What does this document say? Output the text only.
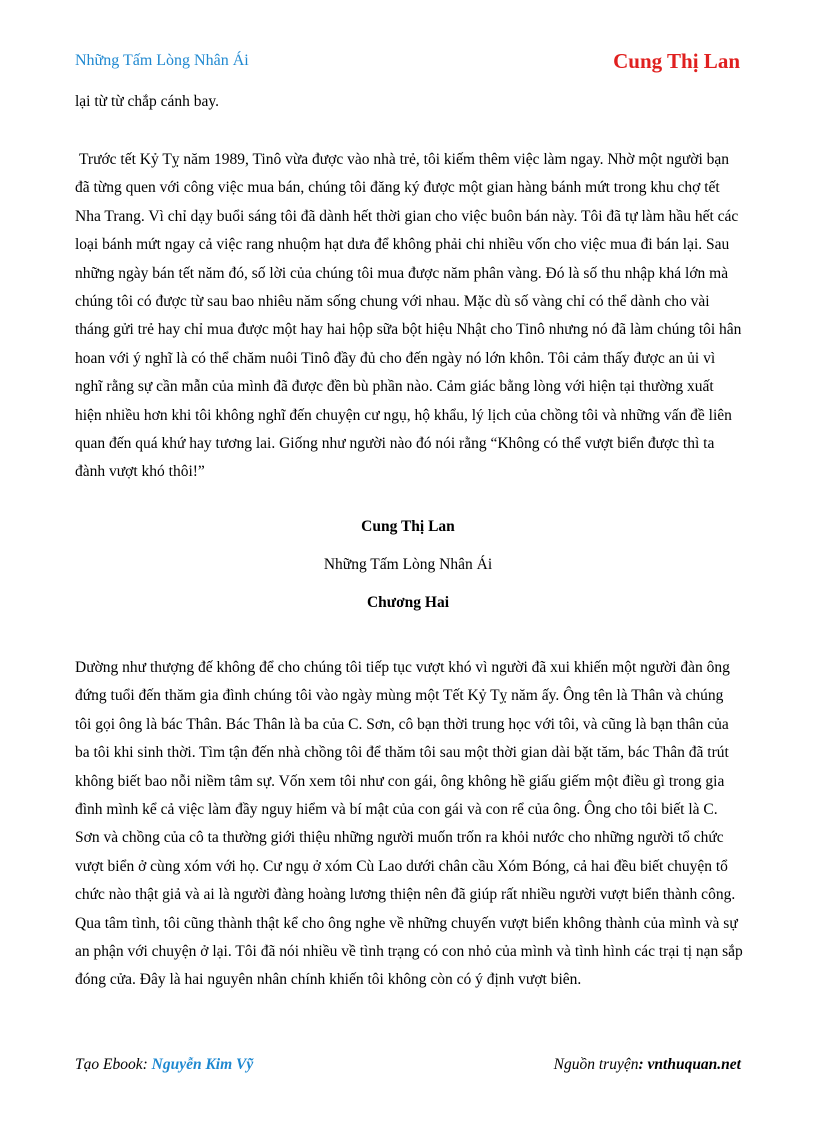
Những Tấm Lòng Nhân Ái	Cung Thị Lan

lại từ từ chắp cánh bay.

Trước tết Kỷ Tỵ năm 1989, Tinô vừa được vào nhà trẻ, tôi kiếm thêm việc làm ngay. Nhờ một người bạn đã từng quen với công việc mua bán, chúng tôi đăng ký được một gian hàng bánh mứt trong khu chợ tết Nha Trang. Vì chỉ dạy buổi sáng tôi đã dành hết thời gian cho việc buôn bán này. Tôi đã tự làm hầu hết các loại bánh mứt ngay cả việc rang nhuộm hạt dưa để không phải chi nhiều vốn cho việc mua đi bán lại. Sau những ngày bán tết năm đó, số lời của chúng tôi mua được năm phân vàng. Đó là số thu nhập khá lớn mà chúng tôi có được từ sau bao nhiêu năm sống chung với nhau. Mặc dù số vàng chỉ có thể dành cho vài tháng gửi trẻ hay chỉ mua được một hay hai hộp sữa bột hiệu Nhật cho Tinô nhưng nó đã làm chúng tôi hân hoan với ý nghĩ là có thể chăm nuôi Tinô đầy đủ cho đến ngày nó lớn khôn. Tôi cảm thấy được an ủi vì nghĩ rằng sự cần mẫn của mình đã được đền bù phần nào. Cảm giác bằng lòng với hiện tại thường xuất hiện nhiều hơn khi tôi không nghĩ đến chuyện cư ngụ, hộ khẩu, lý lịch của chồng tôi và những vấn đề liên quan đến quá khứ hay tương lai. Giống như người nào đó nói rằng “Không có thể vượt biển được thì ta đành vượt khó thôi!”

Cung Thị Lan
Những Tấm Lòng Nhân Ái
Chương Hai

Dường như thượng đế không để cho chúng tôi tiếp tục vượt khó vì người đã xui khiến một người đàn ông đứng tuổi đến thăm gia đình chúng tôi vào ngày mùng một Tết Kỷ Tỵ năm ấy. Ông tên là Thân và chúng tôi gọi ông là bác Thân. Bác Thân là ba của C. Sơn, cô bạn thời trung học với tôi, và cũng là bạn thân của ba tôi khi sinh thời. Tìm tận đến nhà chồng tôi để thăm tôi sau một thời gian dài bặt tăm, bác Thân đã trút không biết bao nỗi niềm tâm sự. Vốn xem tôi như con gái, ông không hề giấu giếm một điều gì trong gia đình mình kể cả việc làm đầy nguy hiểm và bí mật của con gái và con rể của ông. Ông cho tôi biết là C. Sơn và chồng của cô ta thường giới thiệu những người muốn trốn ra khỏi nước cho những người tổ chức vượt biển ở cùng xóm với họ. Cư ngụ ở xóm Cù Lao dưới chân cầu Xóm Bóng, cả hai đều biết chuyện tổ chức nào thật giả và ai là người đàng hoàng lương thiện nên đã giúp rất nhiều người vượt biển thành công. Qua tâm tình, tôi cũng thành thật kể cho ông nghe về những chuyến vượt biển không thành của mình và sự an phận với chuyện ở lại. Tôi đã nói nhiều về tình trạng có con nhỏ của mình và tình hình các trại tị nạn sắp đóng cửa. Đây là hai nguyên nhân chính khiến tôi không còn có ý định vượt biên.

Tạo Ebook: Nguyễn Kim Vỹ	Nguồn truyện: vnthuquan.net
